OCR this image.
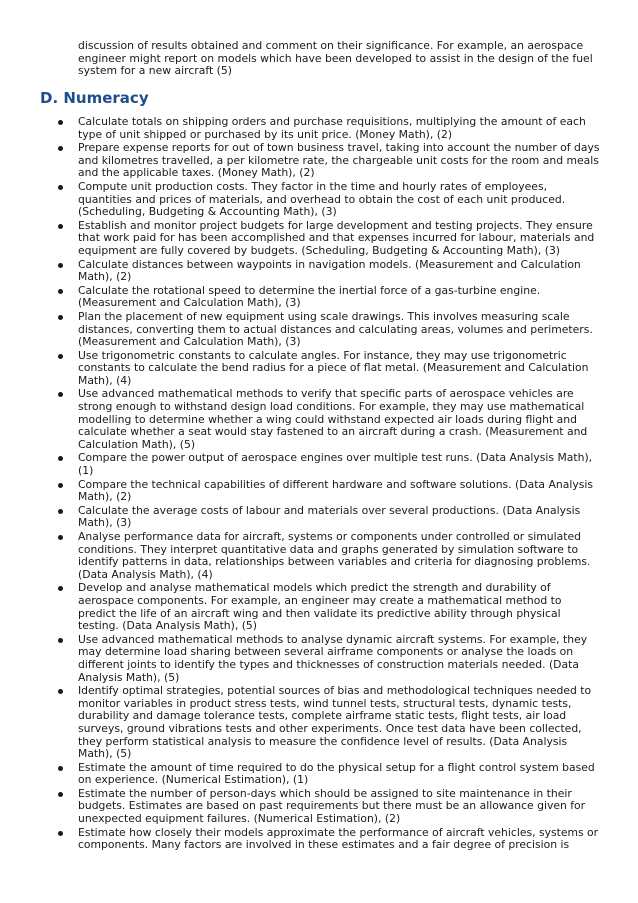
discussion of results obtained and comment on their significance. For example, an aerospace engineer might report on models which have been developed to assist in the design of the fuel system for a new aircraft (5)

D. Numeracy
Calculate totals on shipping orders and purchase requisitions, multiplying the amount of each type of unit shipped or purchased by its unit price. (Money Math), (2)
Prepare expense reports for out of town business travel, taking into account the number of days and kilometres travelled, a per kilometre rate, the chargeable unit costs for the room and meals and the applicable taxes. (Money Math), (2)
Compute unit production costs. They factor in the time and hourly rates of employees, quantities and prices of materials, and overhead to obtain the cost of each unit produced. (Scheduling, Budgeting & Accounting Math), (3)
Establish and monitor project budgets for large development and testing projects. They ensure that work paid for has been accomplished and that expenses incurred for labour, materials and equipment are fully covered by budgets. (Scheduling, Budgeting & Accounting Math), (3)
Calculate distances between waypoints in navigation models. (Measurement and Calculation Math), (2)
Calculate the rotational speed to determine the inertial force of a gas-turbine engine. (Measurement and Calculation Math), (3)
Plan the placement of new equipment using scale drawings. This involves measuring scale distances, converting them to actual distances and calculating areas, volumes and perimeters. (Measurement and Calculation Math), (3)
Use trigonometric constants to calculate angles. For instance, they may use trigonometric constants to calculate the bend radius for a piece of flat metal. (Measurement and Calculation Math), (4)
Use advanced mathematical methods to verify that specific parts of aerospace vehicles are strong enough to withstand design load conditions. For example, they may use mathematical modelling to determine whether a wing could withstand expected air loads during flight and calculate whether a seat would stay fastened to an aircraft during a crash. (Measurement and Calculation Math), (5)
Compare the power output of aerospace engines over multiple test runs. (Data Analysis Math), (1)
Compare the technical capabilities of different hardware and software solutions. (Data Analysis Math), (2)
Calculate the average costs of labour and materials over several productions. (Data Analysis Math), (3)
Analyse performance data for aircraft, systems or components under controlled or simulated conditions. They interpret quantitative data and graphs generated by simulation software to identify patterns in data, relationships between variables and criteria for diagnosing problems. (Data Analysis Math), (4)
Develop and analyse mathematical models which predict the strength and durability of aerospace components. For example, an engineer may create a mathematical method to predict the life of an aircraft wing and then validate its predictive ability through physical testing. (Data Analysis Math), (5)
Use advanced mathematical methods to analyse dynamic aircraft systems. For example, they may determine load sharing between several airframe components or analyse the loads on different joints to identify the types and thicknesses of construction materials needed. (Data Analysis Math), (5)
Identify optimal strategies, potential sources of bias and methodological techniques needed to monitor variables in product stress tests, wind tunnel tests, structural tests, dynamic tests, durability and damage tolerance tests, complete airframe static tests, flight tests, air load surveys, ground vibrations tests and other experiments. Once test data have been collected, they perform statistical analysis to measure the confidence level of results. (Data Analysis Math), (5)
Estimate the amount of time required to do the physical setup for a flight control system based on experience. (Numerical Estimation), (1)
Estimate the number of person-days which should be assigned to site maintenance in their budgets. Estimates are based on past requirements but there must be an allowance given for unexpected equipment failures. (Numerical Estimation), (2)
Estimate how closely their models approximate the performance of aircraft vehicles, systems or components. Many factors are involved in these estimates and a fair degree of precision is
